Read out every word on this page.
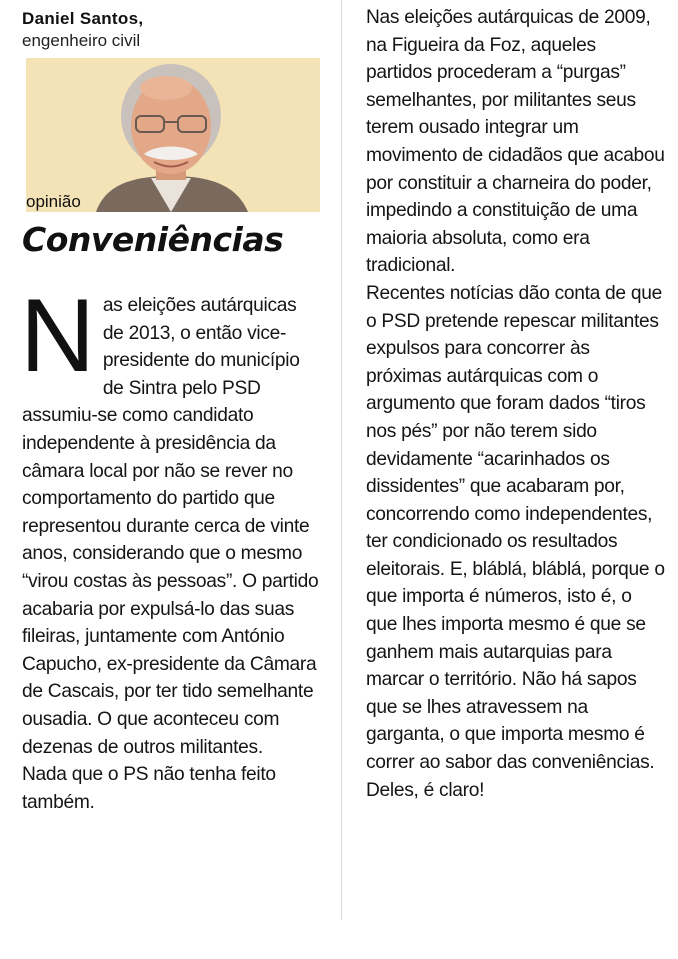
Daniel Santos,
engenheiro civil
opinião
Conveniências
N as eleições autárquicas de 2013, o então vice-presidente do município de Sintra pelo PSD assumiu-se como candidato independente à presidência da câmara local por não se rever no comportamento do partido que representou durante cerca de vinte anos, considerando que o mesmo “virou costas às pessoas”. O partido acabaria por expulsá-lo das suas fileiras, juntamente com António Capucho, ex-presidente da Câmara de Cascais, por ter tido semelhante ousadia. O que aconteceu com dezenas de outros militantes.

Nada que o PS não tenha feito também.

Nas eleições autárquicas de 2009, na Figueira da Foz, aqueles partidos procederam a “purgas” semelhantes, por militantes seus terem ousado integrar um movimento de cidadãos que acabou por constituir a charneira do poder, impedindo a constituição de uma maioria absoluta, como era tradicional.

Recentes notícias dão conta de que o PSD pretende repescar militantes expulsos para concorrer às próximas autárquicas com o argumento que foram dados “tiros nos pés” por não terem sido devidamente “acarinhados os dissidentes” que acabaram por, concorrendo como independentes, ter condicionado os resultados eleitorais. E, bláblá, bláblá, porque o que importa é números, isto é, o que lhes importa mesmo é que se ganhem mais autarquias para marcar o território. Não há sapos que se lhes atravessem na garganta, o que importa mesmo é correr ao sabor das conveniências. Deles, é claro!
